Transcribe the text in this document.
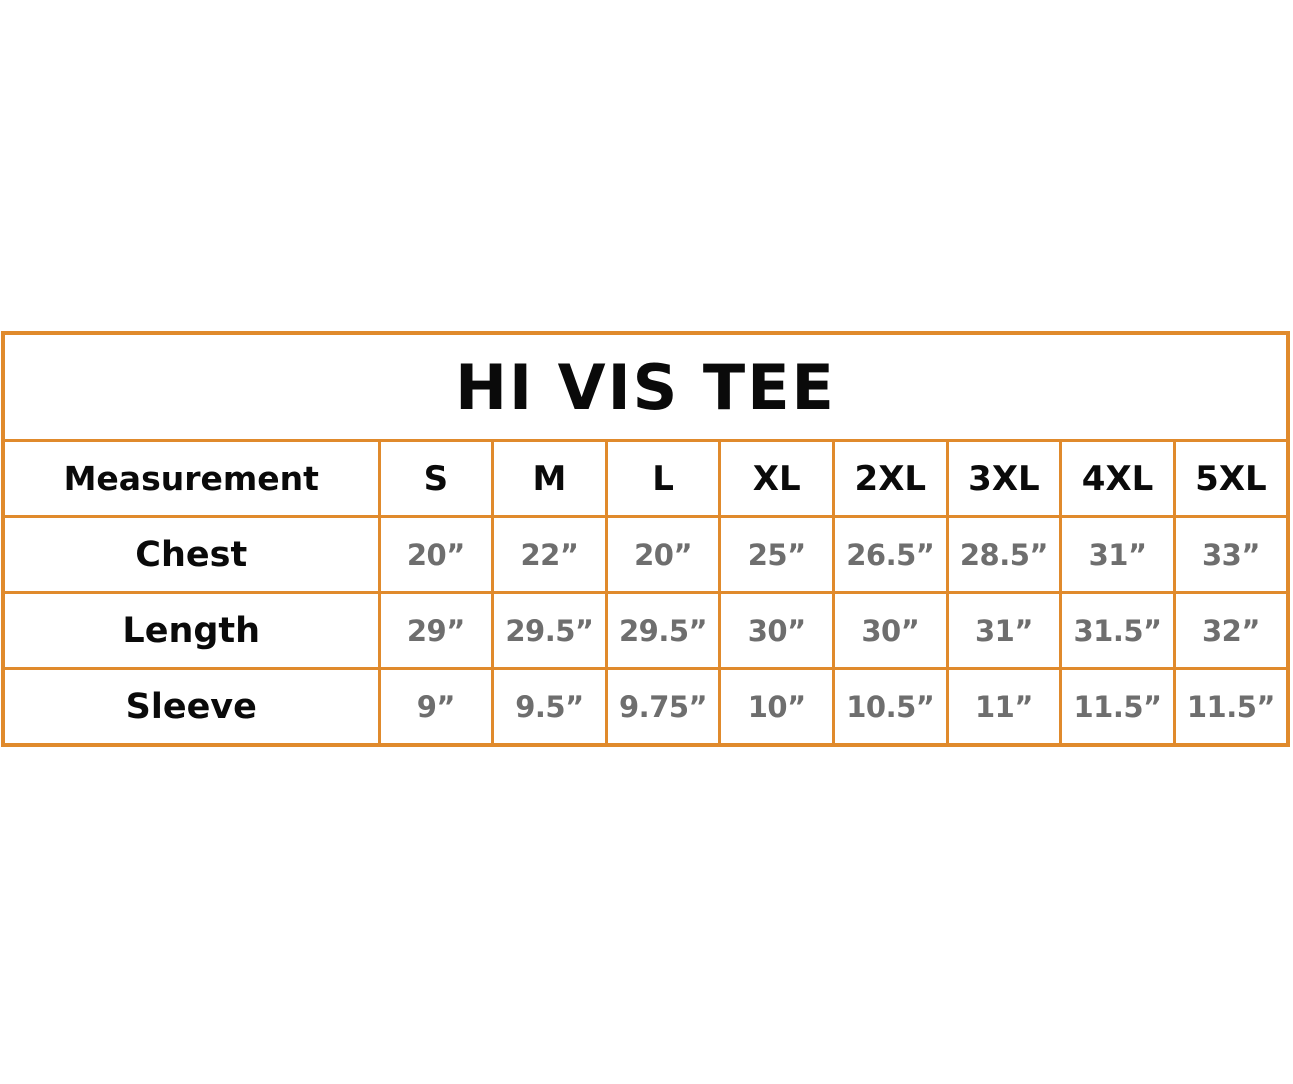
HI VIS TEE								
Measurement	S	M	L	XL	2XL	3XL	4XL	5XL
Chest	20”	22”	20”	25”	26.5”	28.5”	31”	33”
Length	29”	29.5”	29.5”	30”	30”	31”	31.5”	32”
Sleeve	9”	9.5”	9.75”	10”	10.5”	11”	11.5”	11.5”
